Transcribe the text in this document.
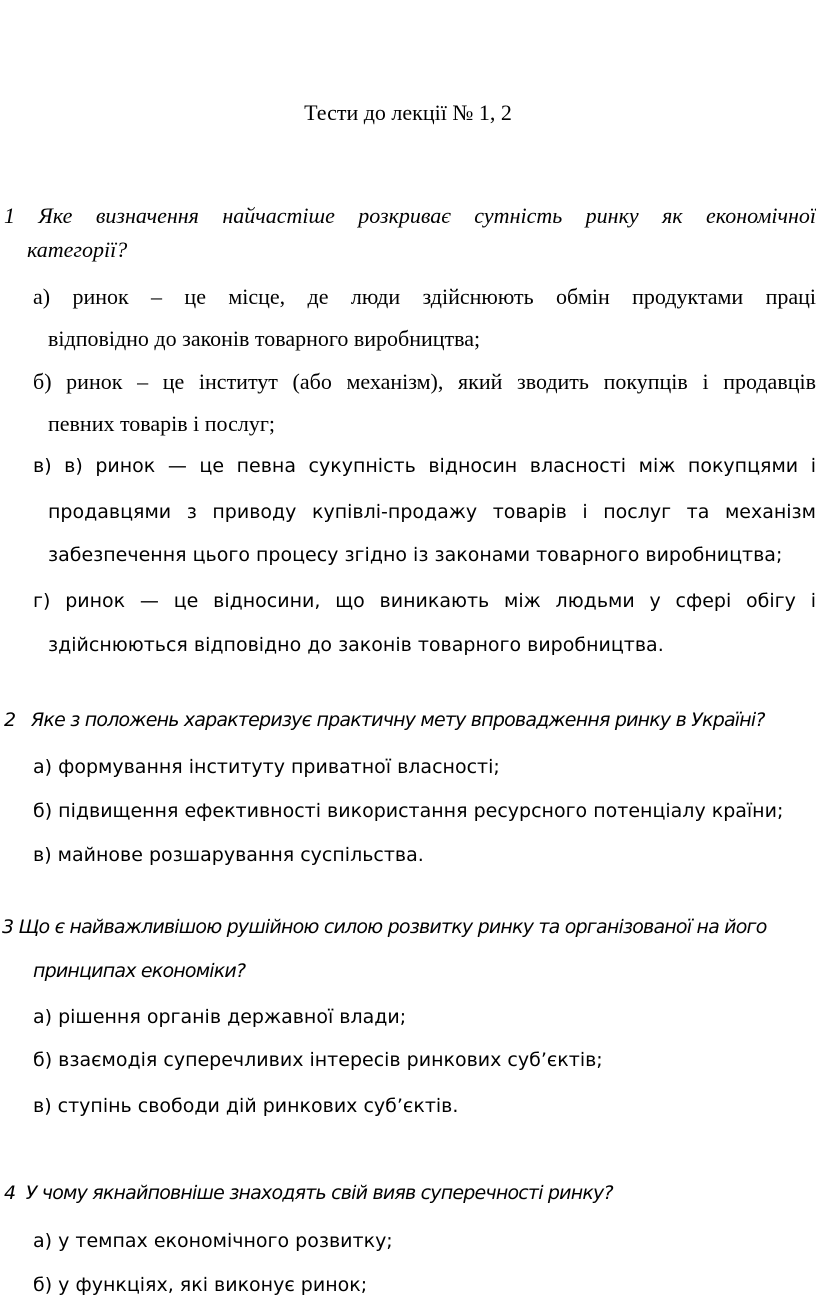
Тести до лекції № 1, 2
1 Яке визначення найчастіше розкриває сутність ринку як економічної
категорії?
а) ринок – це місце, де люди здійснюють обмін продуктами праці
відповідно до законів товарного виробництва;
б) ринок – це інститут (або механізм), який зводить покупців і продавців
певних товарів і послуг;
в) в) ринок — це певна сукупність відносин власності між покупцями і
продавцями з приводу купівлі-продажу товарів і послуг та механізм
забезпечення цього процесу згідно із законами товарного виробництва;
г) ринок — це відносини, що виникають між людьми у сфері обігу і
здійснюються відповідно до законів товарного виробництва.
2   Яке з положень характеризує практичну мету впровадження ринку в Україні?
а) формування інституту приватної власності;
б) підвищення ефективності використання ресурсного потенціалу країни;
в) майнове розшарування суспільства.
3 Що є найважливішою рушійною силою розвитку ринку та організованої на його
принципах економіки?
а) рішення органів державної влади;
б) взаємодія суперечливих інтересів ринкових суб’єктів;
в) ступінь свободи дій ринкових суб’єктів.
4  У чому якнайповніше знаходять свій вияв суперечності ринку?
а) у темпах економічного розвитку;
б) у функціях, які виконує ринок;
